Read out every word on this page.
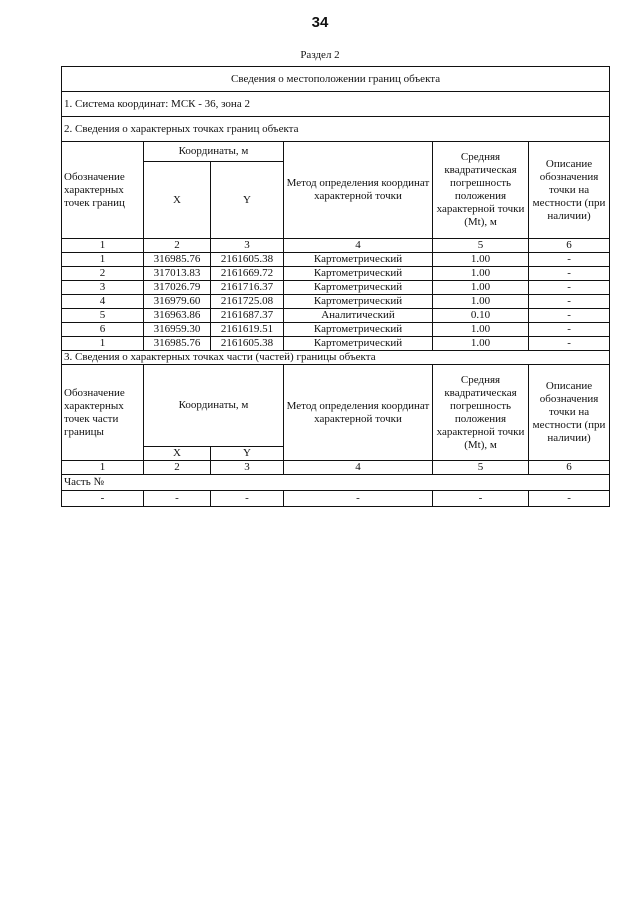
34
Раздел 2
Сведения о местоположении границ объекта					
1. Система координат: МСК - 36, зона 2					
2. Сведения о характерных точках границ объекта					
Обозначение характерных точек границ	Координаты, м		Метод определения координат характерной точки	Средняя квадратическая погрешность положения характерной точки (Mt), м	Описание обозначения точки на местности (при наличии)
	X	Y			
1	2	3	4	5	6
1	316985.76	2161605.38	Картометрический	1.00	-
2	317013.83	2161669.72	Картометрический	1.00	-
3	317026.79	2161716.37	Картометрический	1.00	-
4	316979.60	2161725.08	Картометрический	1.00	-
5	316963.86	2161687.37	Аналитический	0.10	-
6	316959.30	2161619.51	Картометрический	1.00	-
1	316985.76	2161605.38	Картометрический	1.00	-
3. Сведения о характерных точках части (частей) границы объекта					
Обозначение характерных точек части границы	Координаты, м		Метод определения координат характерной точки	Средняя квадратическая погрешность положения характерной точки (Mt), м	Описание обозначения точки на местности (при наличии)
	X	Y			
1	2	3	4	5	6
Часть №					
-	-	-	-	-	-
